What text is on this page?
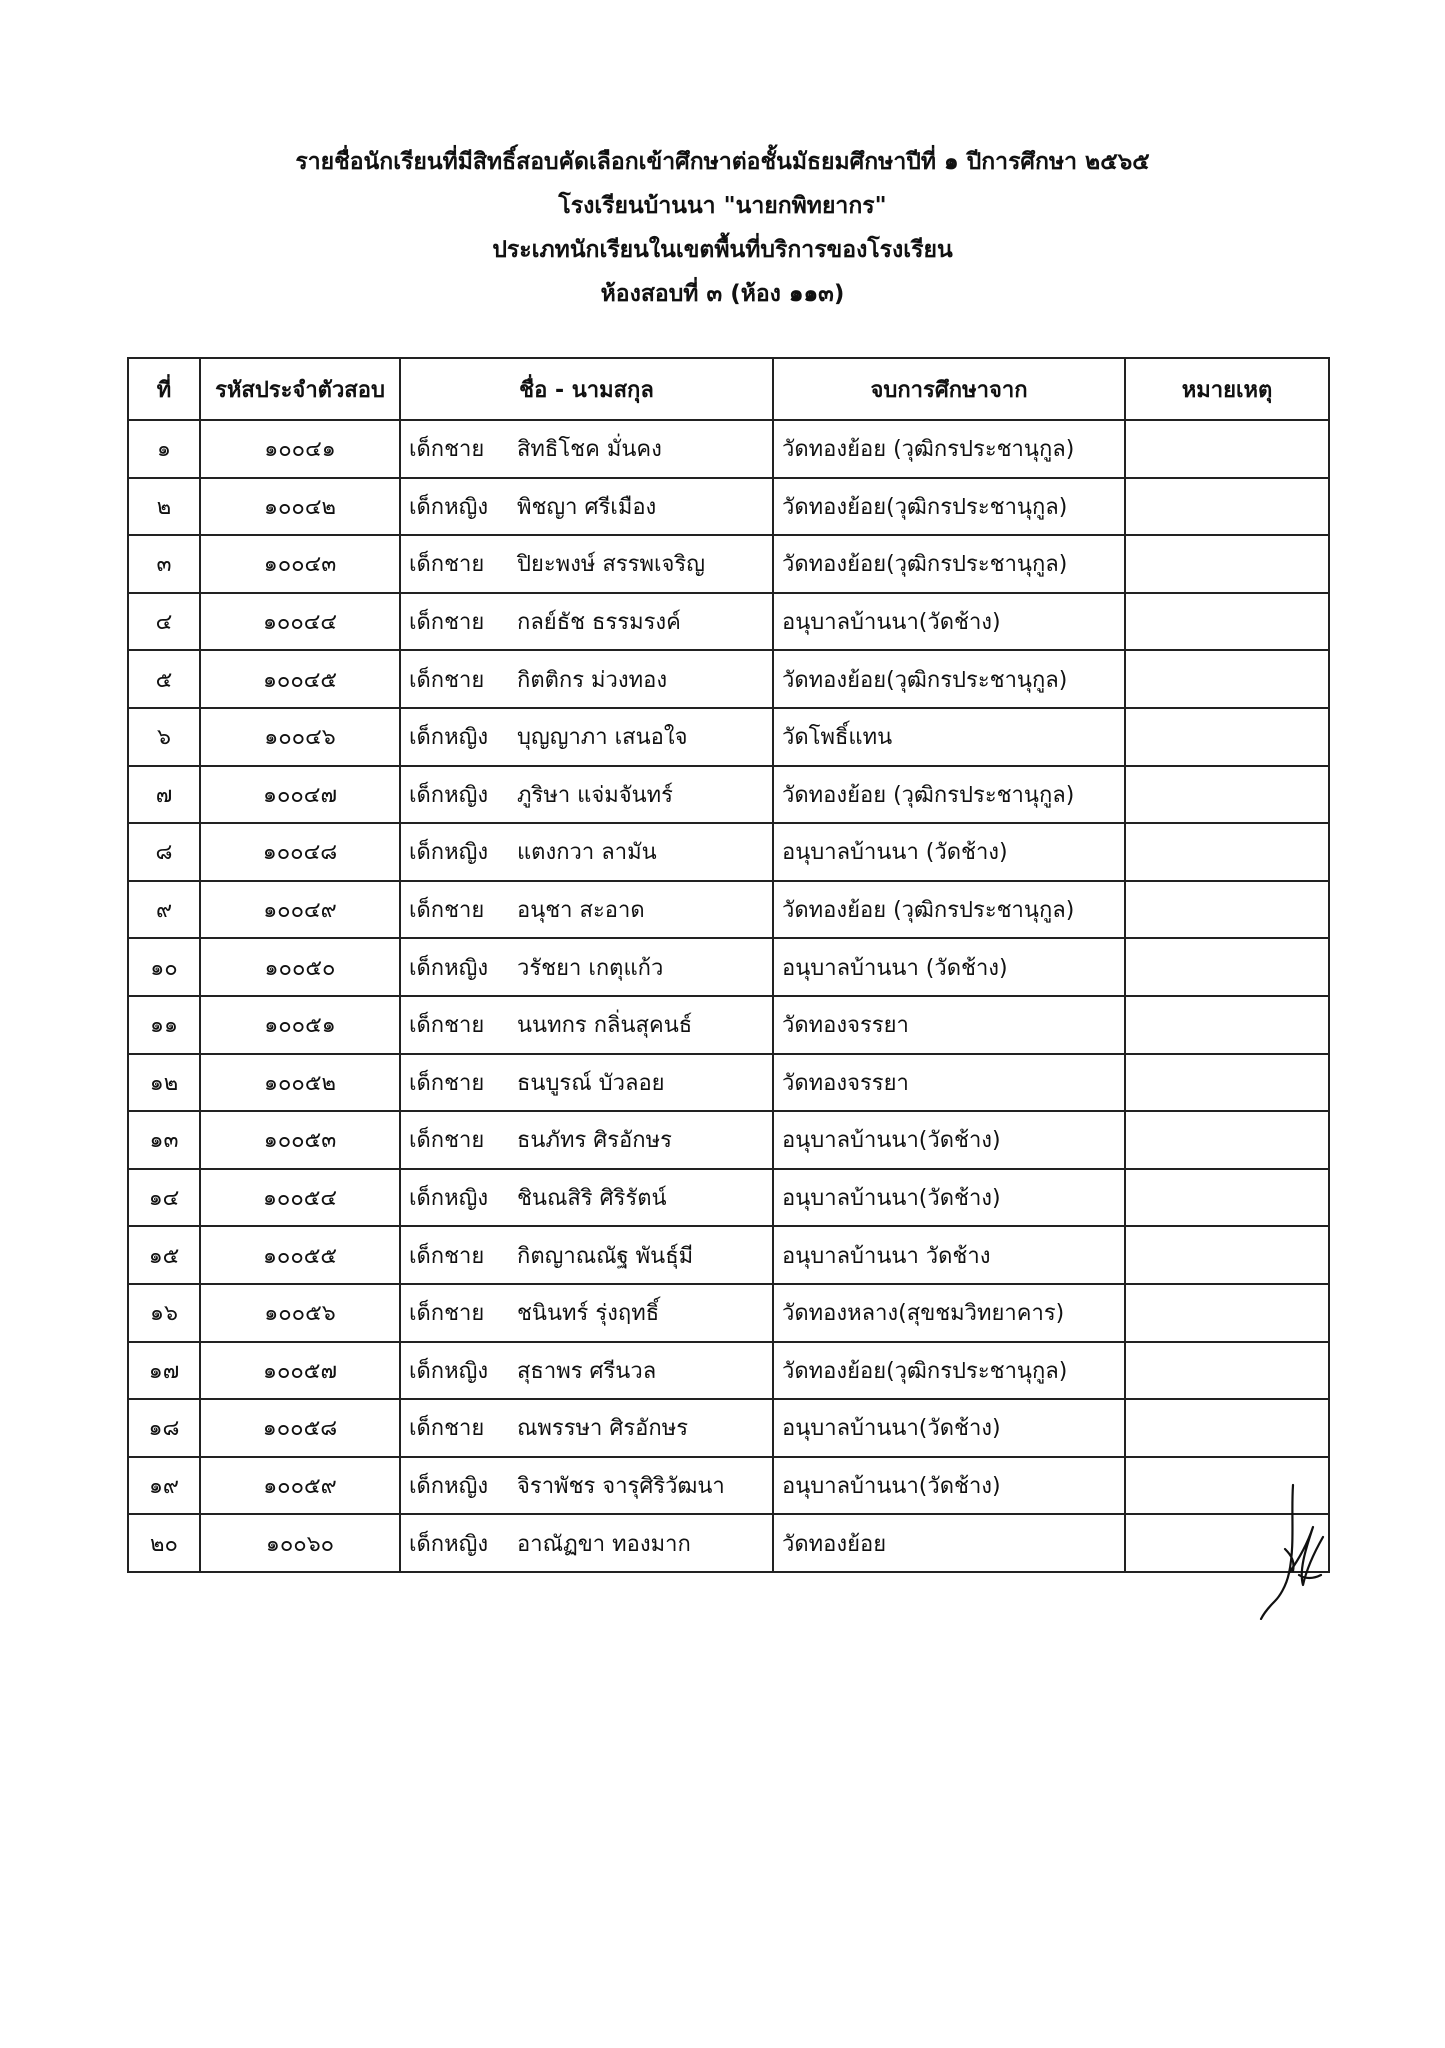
รายชื่อนักเรียนที่มีสิทธิ์สอบคัดเลือกเข้าศึกษาต่อชั้นมัธยมศึกษาปีที่ ๑ ปีการศึกษา ๒๕๖๕
โรงเรียนบ้านนา "นายกพิทยากร"
ประเภทนักเรียนในเขตพื้นที่บริการของโรงเรียน
ห้องสอบที่ ๓ (ห้อง ๑๑๓)
ที่	รหัสประจำตัวสอบ	ชื่อ - นามสกุล	จบการศึกษาจาก	หมายเหตุ
๑	๑๐๐๔๑	เด็กชาย สิทธิโชค มั่นคง	วัดทองย้อย (วุฒิกรประชานุกูล)	
๒	๑๐๐๔๒	เด็กหญิง พิชญา ศรีเมือง	วัดทองย้อย(วุฒิกรประชานุกูล)	
๓	๑๐๐๔๓	เด็กชาย ปิยะพงษ์ สรรพเจริญ	วัดทองย้อย(วุฒิกรประชานุกูล)	
๔	๑๐๐๔๔	เด็กชาย กลย์ธัช ธรรมรงค์	อนุบาลบ้านนา(วัดช้าง)	
๕	๑๐๐๔๕	เด็กชาย กิตติกร ม่วงทอง	วัดทองย้อย(วุฒิกรประชานุกูล)	
๖	๑๐๐๔๖	เด็กหญิง บุญญาภา เสนอใจ	วัดโพธิ์แทน	
๗	๑๐๐๔๗	เด็กหญิง ภูริษา แจ่มจันทร์	วัดทองย้อย (วุฒิกรประชานุกูล)	
๘	๑๐๐๔๘	เด็กหญิง แตงกวา ลามัน	อนุบาลบ้านนา (วัดช้าง)	
๙	๑๐๐๔๙	เด็กชาย อนุชา สะอาด	วัดทองย้อย (วุฒิกรประชานุกูล)	
๑๐	๑๐๐๕๐	เด็กหญิง วรัชยา เกตุแก้ว	อนุบาลบ้านนา (วัดช้าง)	
๑๑	๑๐๐๕๑	เด็กชาย นนทกร กลิ่นสุคนธ์	วัดทองจรรยา	
๑๒	๑๐๐๕๒	เด็กชาย ธนบูรณ์ บัวลอย	วัดทองจรรยา	
๑๓	๑๐๐๕๓	เด็กชาย ธนภัทร ศิรอักษร	อนุบาลบ้านนา(วัดช้าง)	
๑๔	๑๐๐๕๔	เด็กหญิง ชินณสิริ ศิริรัตน์	อนุบาลบ้านนา(วัดช้าง)	
๑๕	๑๐๐๕๕	เด็กชาย กิตญาณณัฐ พันธุ์มี	อนุบาลบ้านนา วัดช้าง	
๑๖	๑๐๐๕๖	เด็กชาย ชนินทร์ รุ่งฤทธิ์	วัดทองหลาง(สุขชมวิทยาคาร)	
๑๗	๑๐๐๕๗	เด็กหญิง สุธาพร ศรีนวล	วัดทองย้อย(วุฒิกรประชานุกูล)	
๑๘	๑๐๐๕๘	เด็กชาย ณพรรษา ศิรอักษร	อนุบาลบ้านนา(วัดช้าง)	
๑๙	๑๐๐๕๙	เด็กหญิง จิราพัชร จารุศิริวัฒนา	อนุบาลบ้านนา(วัดช้าง)	
๒๐	๑๐๐๖๐	เด็กหญิง อาณัฏขา ทองมาก	วัดทองย้อย	
